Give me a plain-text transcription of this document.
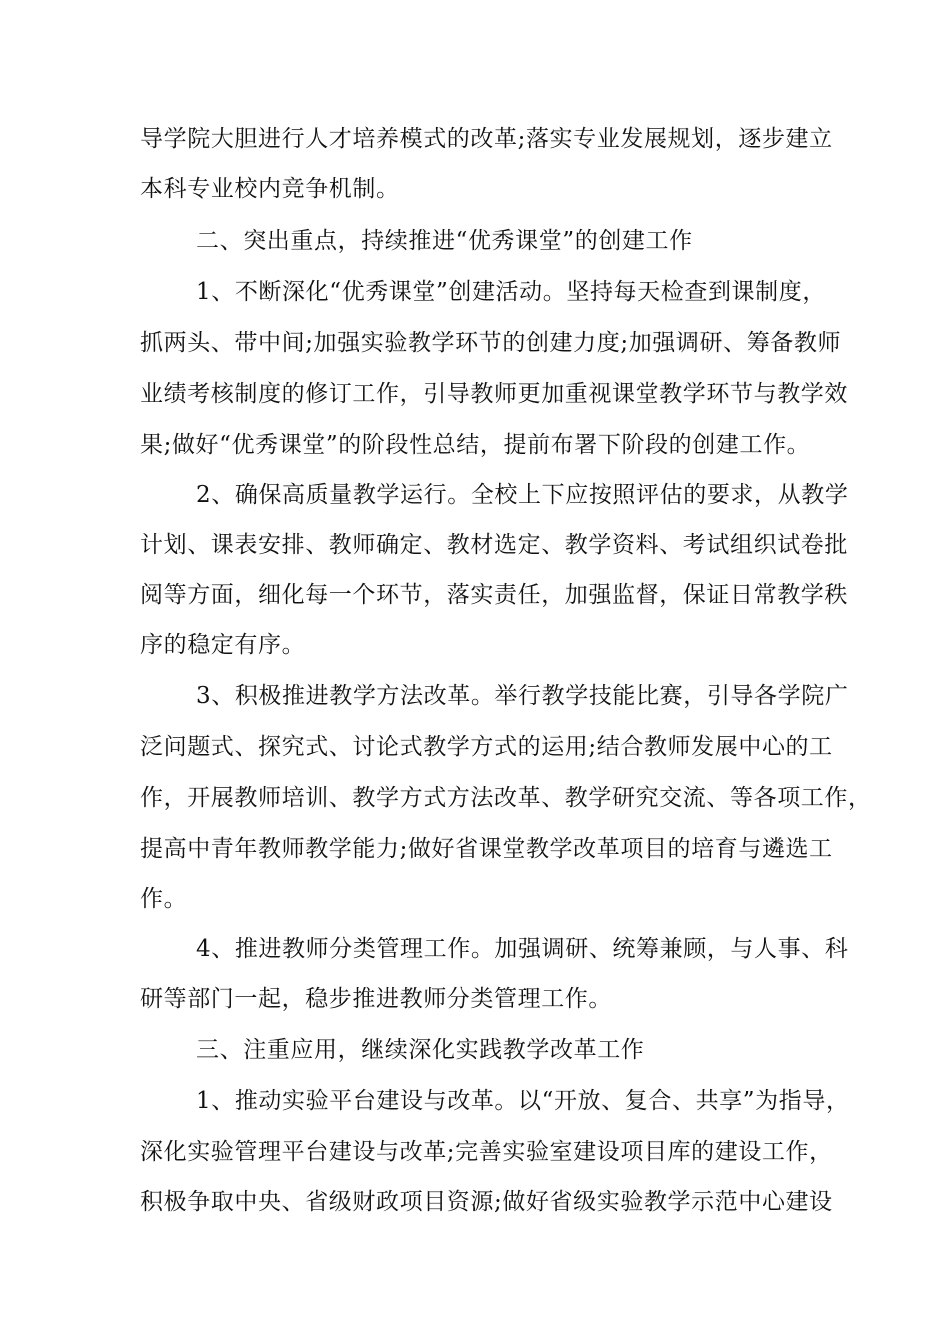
导学院大胆进行人才培养模式的改革;落实专业发展规划，逐步建立
本科专业校内竞争机制。
二、突出重点，持续推进“优秀课堂”的创建工作
1、不断深化“优秀课堂”创建活动。坚持每天检查到课制度，
抓两头、带中间;加强实验教学环节的创建力度;加强调研、筹备教师
业绩考核制度的修订工作，引导教师更加重视课堂教学环节与教学效
果;做好“优秀课堂”的阶段性总结，提前布署下阶段的创建工作。
2、确保高质量教学运行。全校上下应按照评估的要求，从教学
计划、课表安排、教师确定、教材选定、教学资料、考试组织试卷批
阅等方面，细化每一个环节，落实责任，加强监督，保证日常教学秩
序的稳定有序。
3、积极推进教学方法改革。举行教学技能比赛，引导各学院广
泛问题式、探究式、讨论式教学方式的运用;结合教师发展中心的工
作，开展教师培训、教学方式方法改革、教学研究交流、等各项工作，
提高中青年教师教学能力;做好省课堂教学改革项目的培育与遴选工
作。
4、推进教师分类管理工作。加强调研、统筹兼顾，与人事、科
研等部门一起，稳步推进教师分类管理工作。
三、注重应用，继续深化实践教学改革工作
1、推动实验平台建设与改革。以“开放、复合、共享”为指导，
深化实验管理平台建设与改革;完善实验室建设项目库的建设工作，
积极争取中央、省级财政项目资源;做好省级实验教学示范中心建设
